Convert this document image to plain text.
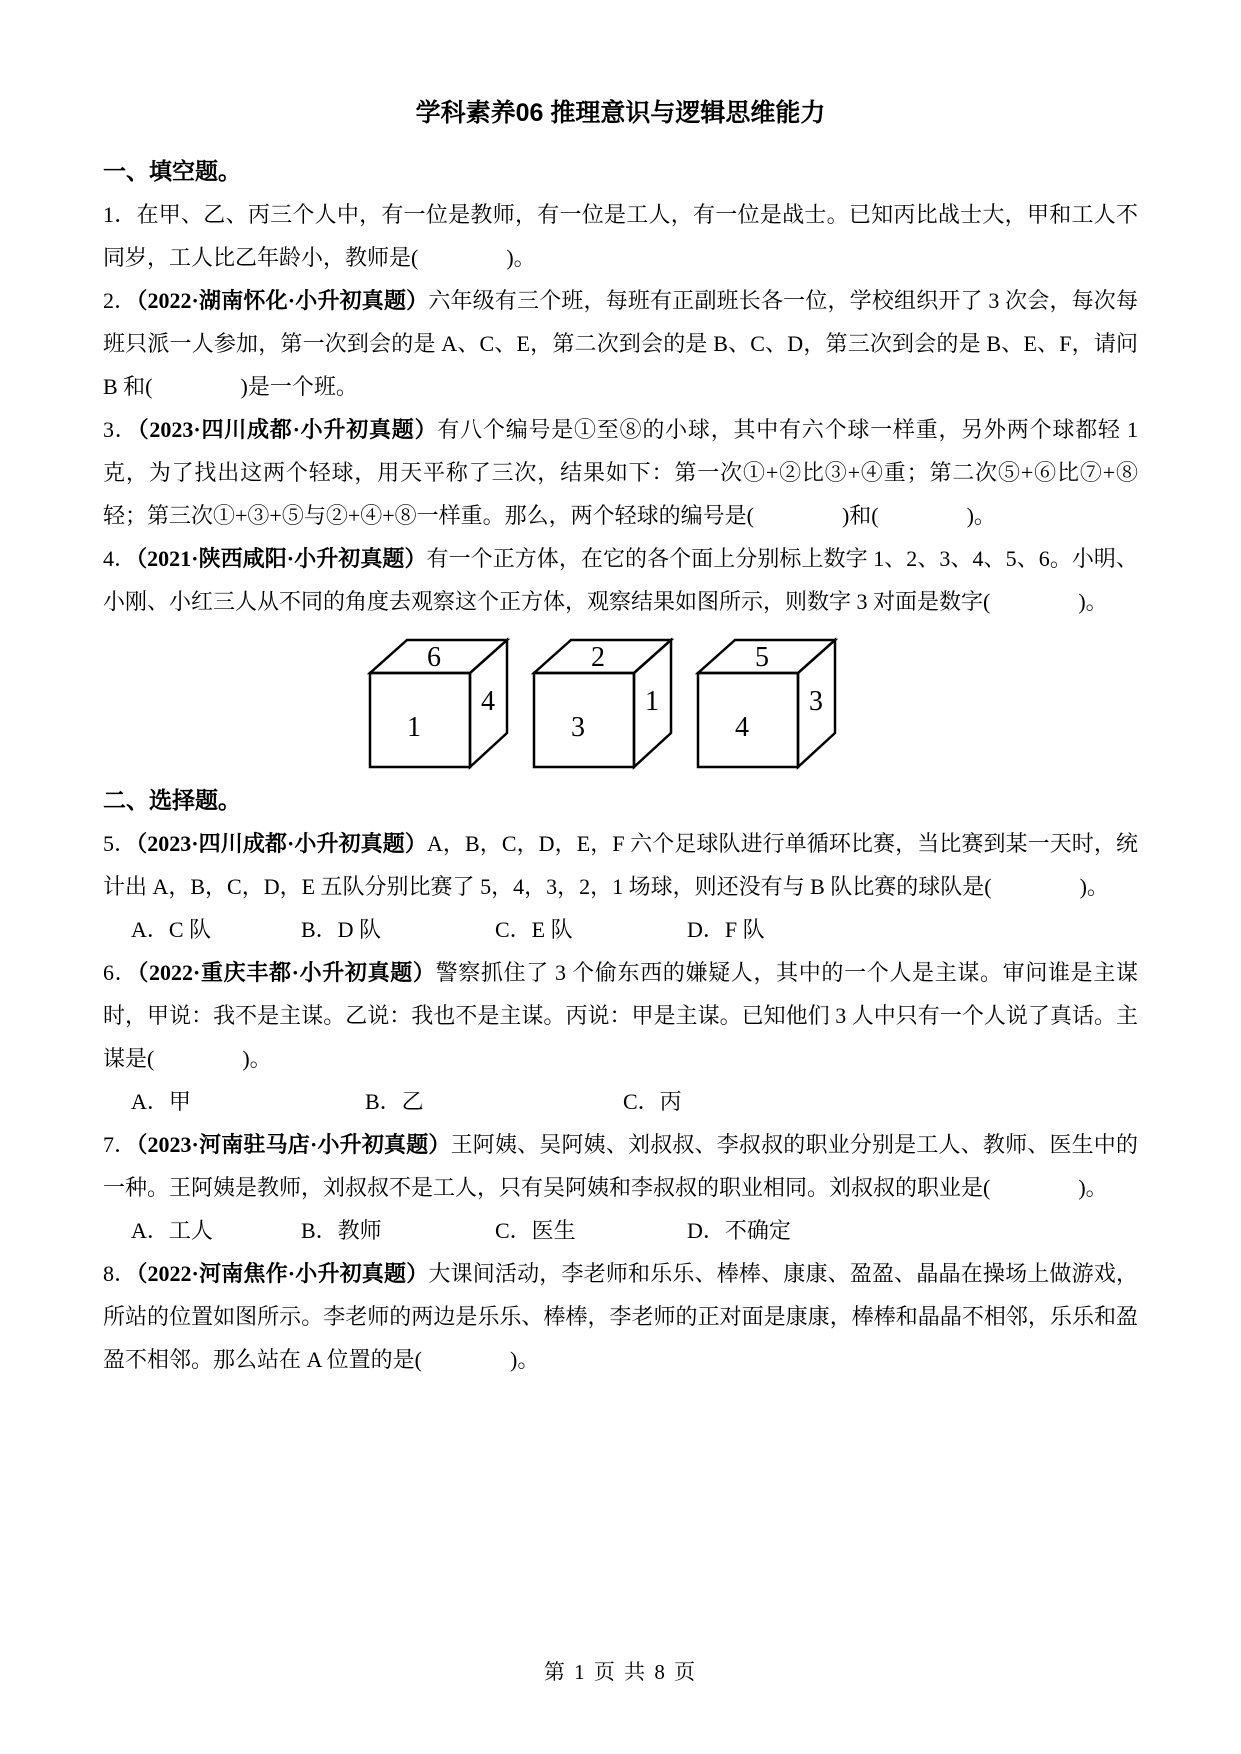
学科素养06 推理意识与逻辑思维能力

一、填空题。

1．在甲、乙、丙三个人中，有一位是教师，有一位是工人，有一位是战士。已知丙比战士大，甲和工人不同岁，工人比乙年龄小，教师是(　　　　)。

2．（2022·湖南怀化·小升初真题）六年级有三个班，每班有正副班长各一位，学校组织开了 3 次会，每次每班只派一人参加，第一次到会的是 A、C、E，第二次到会的是 B、C、D，第三次到会的是 B、E、F，请问 B 和(　　　　)是一个班。

3．（2023·四川成都·小升初真题）有八个编号是①至⑧的小球，其中有六个球一样重，另外两个球都轻 1 克，为了找出这两个轻球，用天平称了三次，结果如下：第一次①+②比③+④重；第二次⑤+⑥比⑦+⑧轻；第三次①+③+⑤与②+④+⑧一样重。那么，两个轻球的编号是(　　　　)和(　　　　)。

4．（2021·陕西咸阳·小升初真题）有一个正方体，在它的各个面上分别标上数字 1、2、3、4、5、6。小明、小刚、小红三人从不同的角度去观察这个正方体，观察结果如图所示，则数字 3 对面是数字(　　　　)。

6
1
4
2
3
1
5
4
3

二、选择题。

5．（2023·四川成都·小升初真题）A，B，C，D，E，F 六个足球队进行单循环比赛，当比赛到某一天时，统计出 A，B，C，D，E 五队分别比赛了 5，4，3，2，1 场球，则还没有与 B 队比赛的球队是(　　　　)。

A．C 队	B．D 队	C．E 队	D．F 队

6．（2022·重庆丰都·小升初真题）警察抓住了 3 个偷东西的嫌疑人，其中的一个人是主谋。审问谁是主谋时，甲说：我不是主谋。乙说：我也不是主谋。丙说：甲是主谋。已知他们 3 人中只有一个人说了真话。主谋是(　　　　)。

A．甲	B．乙	C．丙

7．（2023·河南驻马店·小升初真题）王阿姨、吴阿姨、刘叔叔、李叔叔的职业分别是工人、教师、医生中的一种。王阿姨是教师，刘叔叔不是工人，只有吴阿姨和李叔叔的职业相同。刘叔叔的职业是(　　　　)。

A．工人	B．教师	C．医生	D．不确定

8．（2022·河南焦作·小升初真题）大课间活动，李老师和乐乐、棒棒、康康、盈盈、晶晶在操场上做游戏，所站的位置如图所示。李老师的两边是乐乐、棒棒，李老师的正对面是康康，棒棒和晶晶不相邻，乐乐和盈盈不相邻。那么站在 A 位置的是(　　　　)。

第 1 页 共 8 页
